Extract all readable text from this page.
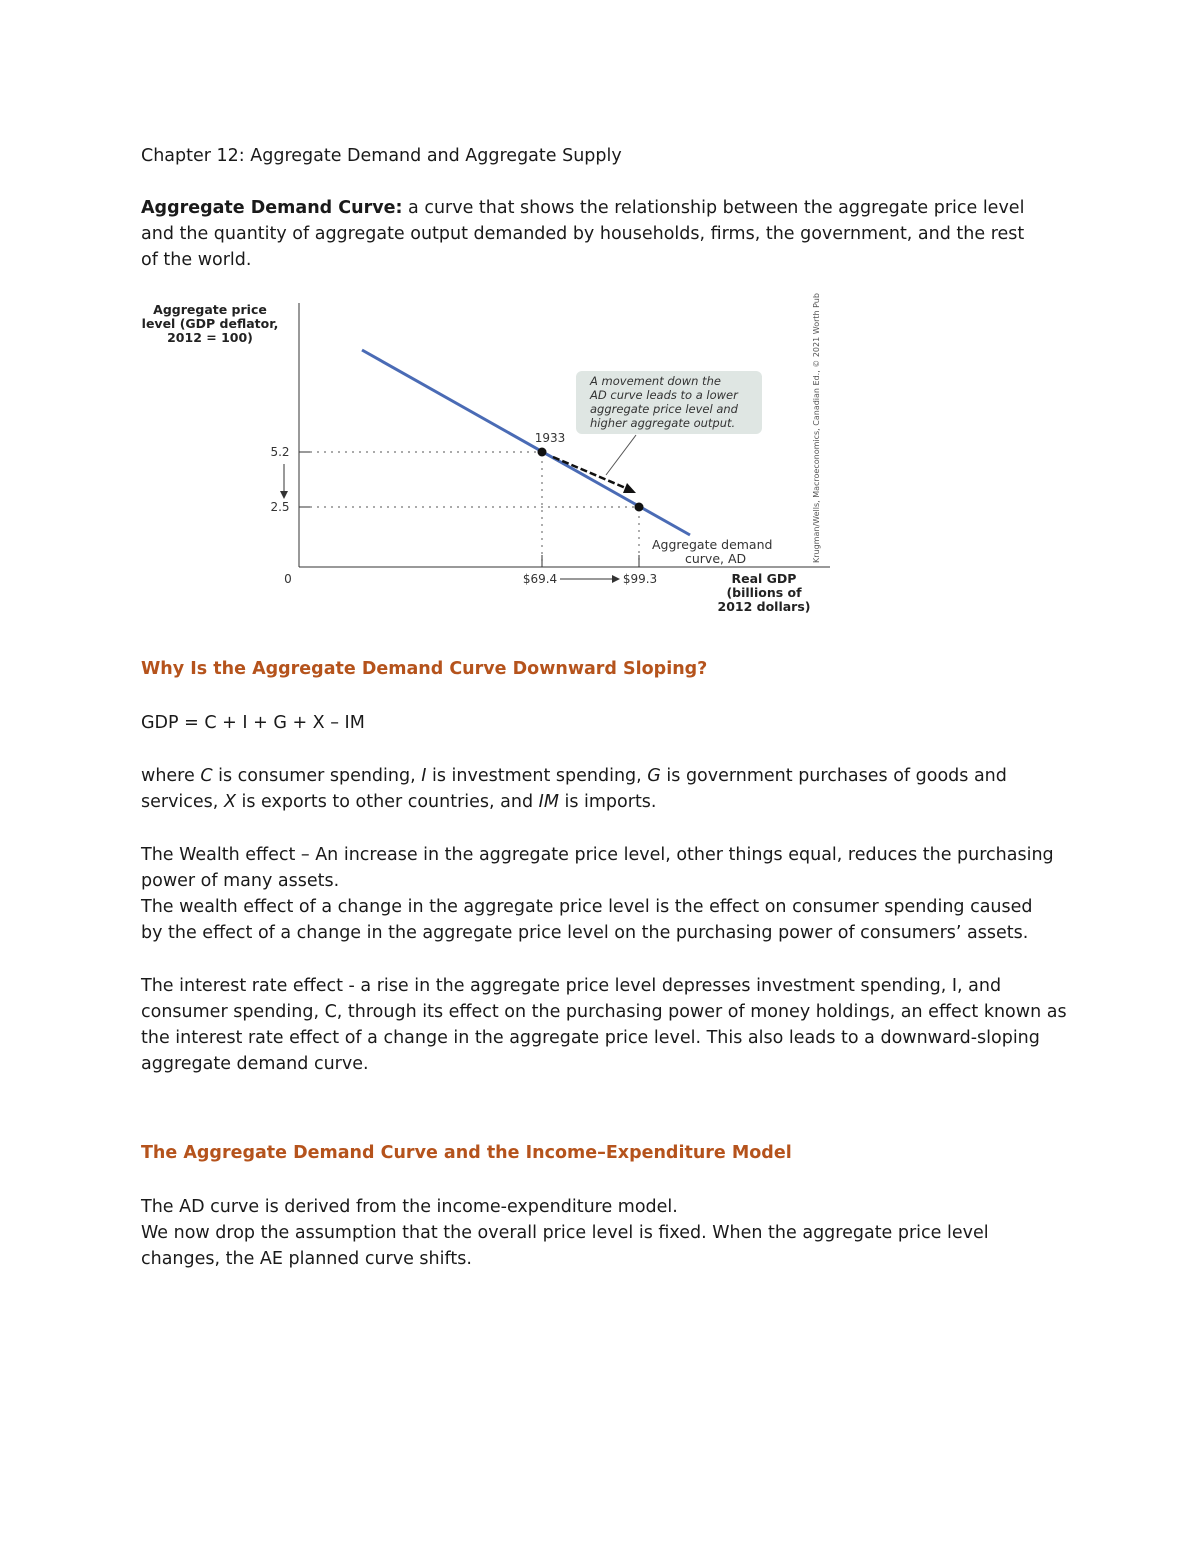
Chapter 12: Aggregate Demand and Aggregate Supply

Aggregate Demand Curve: a curve that shows the relationship between the aggregate price level and the quantity of aggregate output demanded by households, firms, the government, and the rest of the world.

Aggregate price
level (GDP deflator,
2012 = 100)
0
5.2
2.5
$69.4	$99.3	Real GDP
(billions of
2012 dollars)
1933
A movement down the
AD curve leads to a lower
aggregate price level and
higher aggregate output.
Aggregate demand
curve, AD	Krugman/Wells, Macroeconomics, Canadian Ed., © 2021 Worth Publishers

Why Is the Aggregate Demand Curve Downward Sloping?

GDP = C + I + G + X – IM

where C is consumer spending, I is investment spending, G is government purchases of goods and services, X is exports to other countries, and IM is imports.

The Wealth effect – An increase in the aggregate price level, other things equal, reduces the purchasing power of many assets.

The wealth effect of a change in the aggregate price level is the effect on consumer spending caused by the effect of a change in the aggregate price level on the purchasing power of consumers’ assets.

The interest rate effect - a rise in the aggregate price level depresses investment spending, I, and consumer spending, C, through its effect on the purchasing power of money holdings, an effect known as the interest rate effect of a change in the aggregate price level. This also leads to a downward-sloping aggregate demand curve.

The Aggregate Demand Curve and the Income–Expenditure Model

The AD curve is derived from the income-expenditure model.

We now drop the assumption that the overall price level is fixed. When the aggregate price level changes, the AE planned curve shifts.
